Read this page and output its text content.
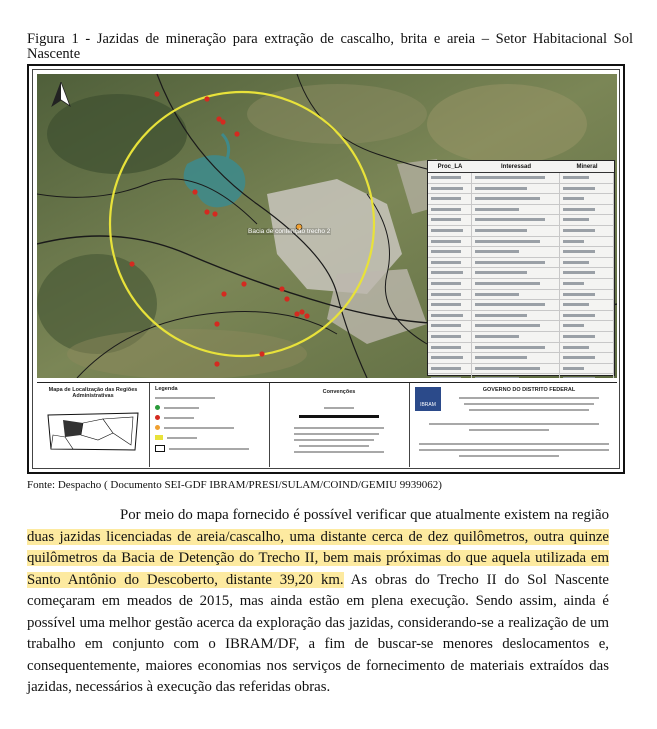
Figura 1 - Jazidas de mineração para extração de cascalho, brita e areia – Setor Habitacional Sol Nascente
Bacia de contenção trecho 2
Proc_LA	Interessad	Mineral
Mapa de Localização das Regiões Administrativas
Legenda	Convenções
IBRAM
GOVERNO DO DISTRITO FEDERAL
Fonte: Despacho ( Documento SEI-GDF IBRAM/PRESI/SULAM/COIND/GEMIU 9939062)

Por meio do mapa fornecido é possível verificar que atualmente existem na região duas jazidas licenciadas de areia/cascalho, uma distante cerca de dez quilômetros, outra quinze quilômetros da Bacia de Detenção do Trecho II, bem mais próximas do que aquela utilizada em Santo Antônio do Descoberto, distante 39,20 km. As obras do Trecho II do Sol Nascente começaram em meados de 2015, mas ainda estão em plena execução. Sendo assim, ainda é possível uma melhor gestão acerca da exploração das jazidas, considerando-se a realização de um trabalho em conjunto com o IBRAM/DF, a fim de buscar-se menores deslocamentos e, consequentemente, maiores economias nos serviços de fornecimento de materiais extraídos das jazidas, necessários à execução das referidas obras.
